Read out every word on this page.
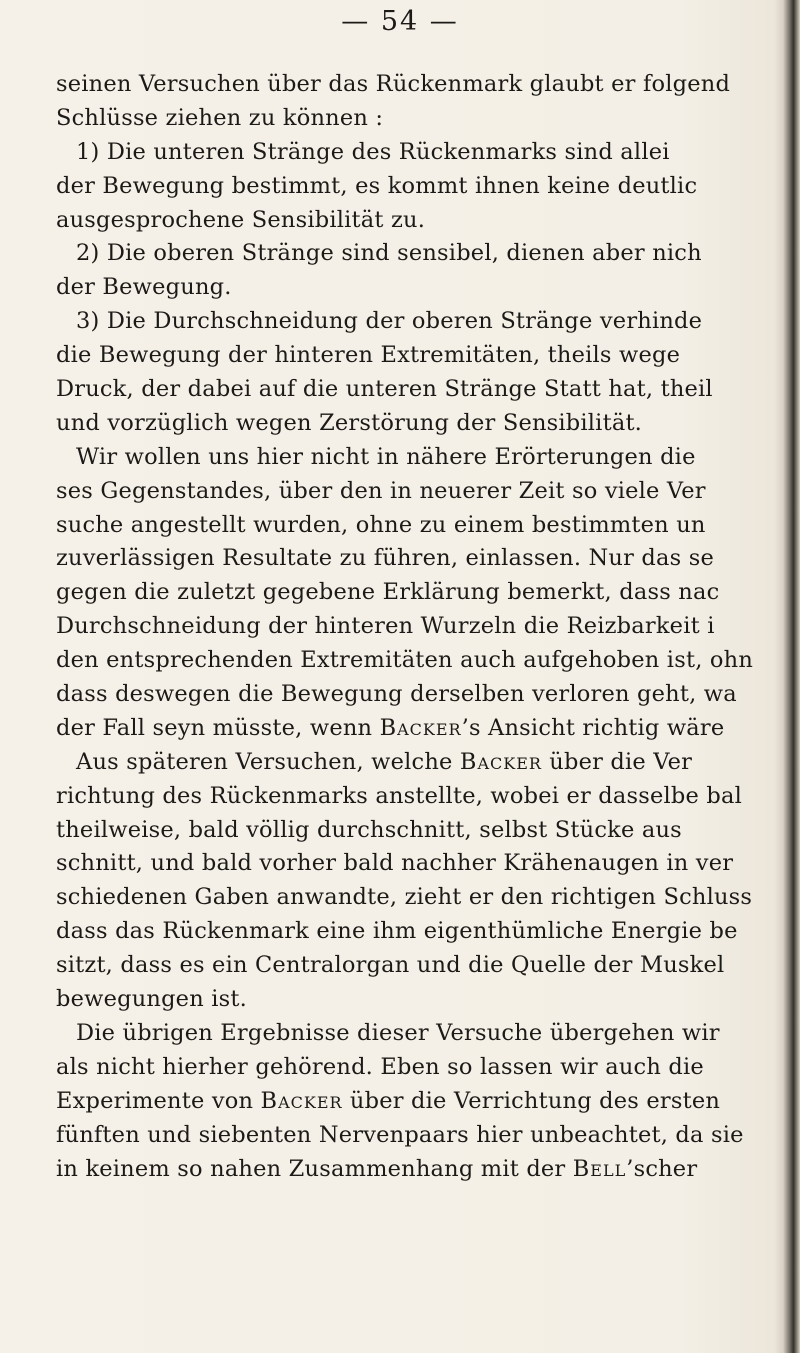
— 54 —
seinen Versuchen über das Rückenmark glaubt er folgend
Schlüsse ziehen zu können :
1) Die unteren Stränge des Rückenmarks sind allei
der Bewegung bestimmt, es kommt ihnen keine deutlic
ausgesprochene Sensibilität zu.
2) Die oberen Stränge sind sensibel, dienen aber nich
der Bewegung.
3) Die Durchschneidung der oberen Stränge verhinde
die Bewegung der hinteren Extremitäten, theils wege
Druck, der dabei auf die unteren Stränge Statt hat, theil
und vorzüglich wegen Zerstörung der Sensibilität.
Wir wollen uns hier nicht in nähere Erörterungen die
ses Gegenstandes, über den in neuerer Zeit so viele Ver
suche angestellt wurden, ohne zu einem bestimmten un
zuverlässigen Resultate zu führen, einlassen. Nur das se
gegen die zuletzt gegebene Erklärung bemerkt, dass nac
Durchschneidung der hinteren Wurzeln die Reizbarkeit i
den entsprechenden Extremitäten auch aufgehoben ist, ohn
dass deswegen die Bewegung derselben verloren geht, wa
der Fall seyn müsste, wenn Backer’s Ansicht richtig wäre
Aus späteren Versuchen, welche Backer über die Ver
richtung des Rückenmarks anstellte, wobei er dasselbe bal
theilweise, bald völlig durchschnitt, selbst Stücke aus
schnitt, und bald vorher bald nachher Krähenaugen in ver
schiedenen Gaben anwandte, zieht er den richtigen Schluss
dass das Rückenmark eine ihm eigenthümliche Energie be
sitzt, dass es ein Centralorgan und die Quelle der Muskel
bewegungen ist.
Die übrigen Ergebnisse dieser Versuche übergehen wir
als nicht hierher gehörend. Eben so lassen wir auch die
Experimente von Backer über die Verrichtung des ersten
fünften und siebenten Nervenpaars hier unbeachtet, da sie
in keinem so nahen Zusammenhang mit der Bell’scher
